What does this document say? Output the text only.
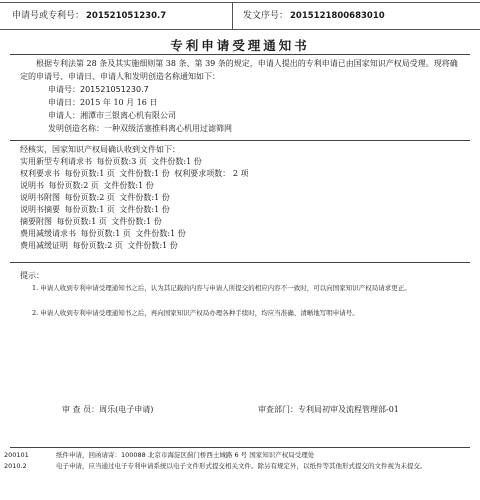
申请号或专利号： 201521051230.7	发文序号： 2015121800683010
专利申请受理通知书
根据专利法第 28 条及其实施细则第 38 条、第 39 条的规定，申请人提出的专利申请已由国家知识产权局受理。现将确定的申请号、申请日、申请人和发明创造名称通知如下：
申请号：201521051230.7
申请日：2015 年 10 月 16 日
申请人：湘潭市三银离心机有限公司
发明创造名称：一种双级活塞推料离心机用过滤筛网
经核实，国家知识产权局确认收到文件如下：
实用新型专利请求书 每份页数:3 页 文件份数:1 份
权利要求书 每份页数:1 页 文件份数:1 份 权利要求项数： 2 项
说明书 每份页数:2 页 文件份数:1 份
说明书附图 每份页数:2 页 文件份数:1 份
说明书摘要 每份页数:1 页 文件份数:1 份
摘要附图 每份页数:1 页 文件份数:1 份
费用减缓请求书 每份页数:1 页 文件份数:1 份
费用减缓证明 每份页数:2 页 文件份数:1 份
提示：
1. 申请人收到专利申请受理通知书之后，认为其记载的内容与申请人所提交的相应内容不一致时，可以向国家知识产权局请求更正。
2. 申请人收到专利申请受理通知书之后，再向国家知识产权局办理各种手续时，均应当准确、清晰地写明申请号。
审 查 员：周乐(电子申请)	审查部门：专利局初审及流程管理部-01
200101	纸件申请，回函请寄：100088 北京市海淀区蓟门桥西土城路 6 号 国家知识产权局受理处
2010.2	电子申请，应当通过电子专利申请系统以电子文件形式提交相关文件。除另有规定外，以纸件等其他形式提交的文件视为未提交。
